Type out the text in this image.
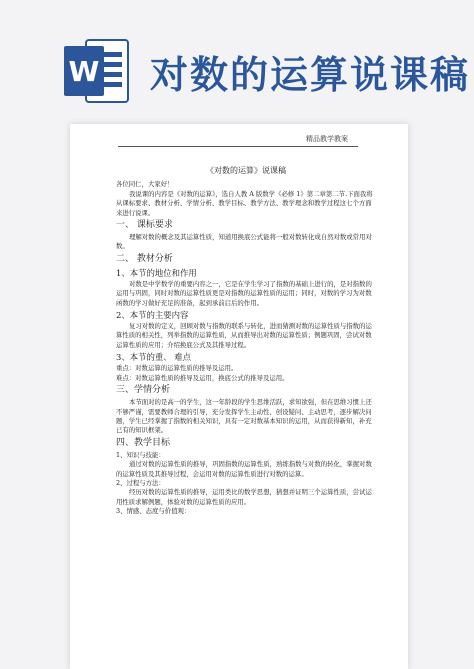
W 对数的运算说课稿
精品教学教案
《对数的运算》说课稿

各位同仁，大家好！

我说课的内容是《对数的运算》，选自人教 A 版数学《必修 1》第二章第二节.下面我将从课标要求、教材分析、学情分析、教学目标、教学方法、教学理念和教学过程这七个方面来进行说课。

一、 课标要求

理解对数的概念及其运算性质，知道用换底公式能将一般对数转化成自然对数或常用对数。

二、 教材分析
1、本节的地位和作用

对数是中学数学的重要内容之一，它是在学生学习了指数的基础上进行的，是对指数的运用与巩固，同时对数的运算性质更是对指数的运算性质的运用；同时，对数的学习为对数函数的学习做好充足的准备，起到承前启后的作用。

2、本节的主要内容

复习对数的定义，回顾对数与指数的联系与转化，进而猜测对数的运算性质与指数的运算性质的相关性，列举指数的运算性质，从而推导出对数的运算性质；例题巩固，尝试对数运算性质的应用；介绍换底公式及其推导过程。

3、本节的重、 难点

重点：对数运算的运算性质的推导及运用。

难点：对数运算性质的推导及运用，换底公式的推导及运用。

三、学情分析

本节面对的是高一的学生，这一年龄段的学生思维活跃，求知欲强，但在思维习惯上还不够严谨，需要教师合理的引导，充分发挥学生主动性、创设疑问、主动思考，逐步解决问题，学生已经掌握了指数的相关知识，具有一定对数基本知识的运用，从而获得新知，补充已有的知识框架。

四、教学目标

1、知识与技能：

通过对数的运算性质的推导，巩固指数的运算性质，熟练指数与对数的转化，掌握对数的运算性质及其推导过程，会运用对数的运算性质进行对数的运算。

2、过程与方法：

经历对数的运算性质的推导，运用类比的数学思想，猜想并证明三个运算性质，尝试运用性质求解例题，体验对数的运算性质的应用。

3、情感、态度与价值观：
